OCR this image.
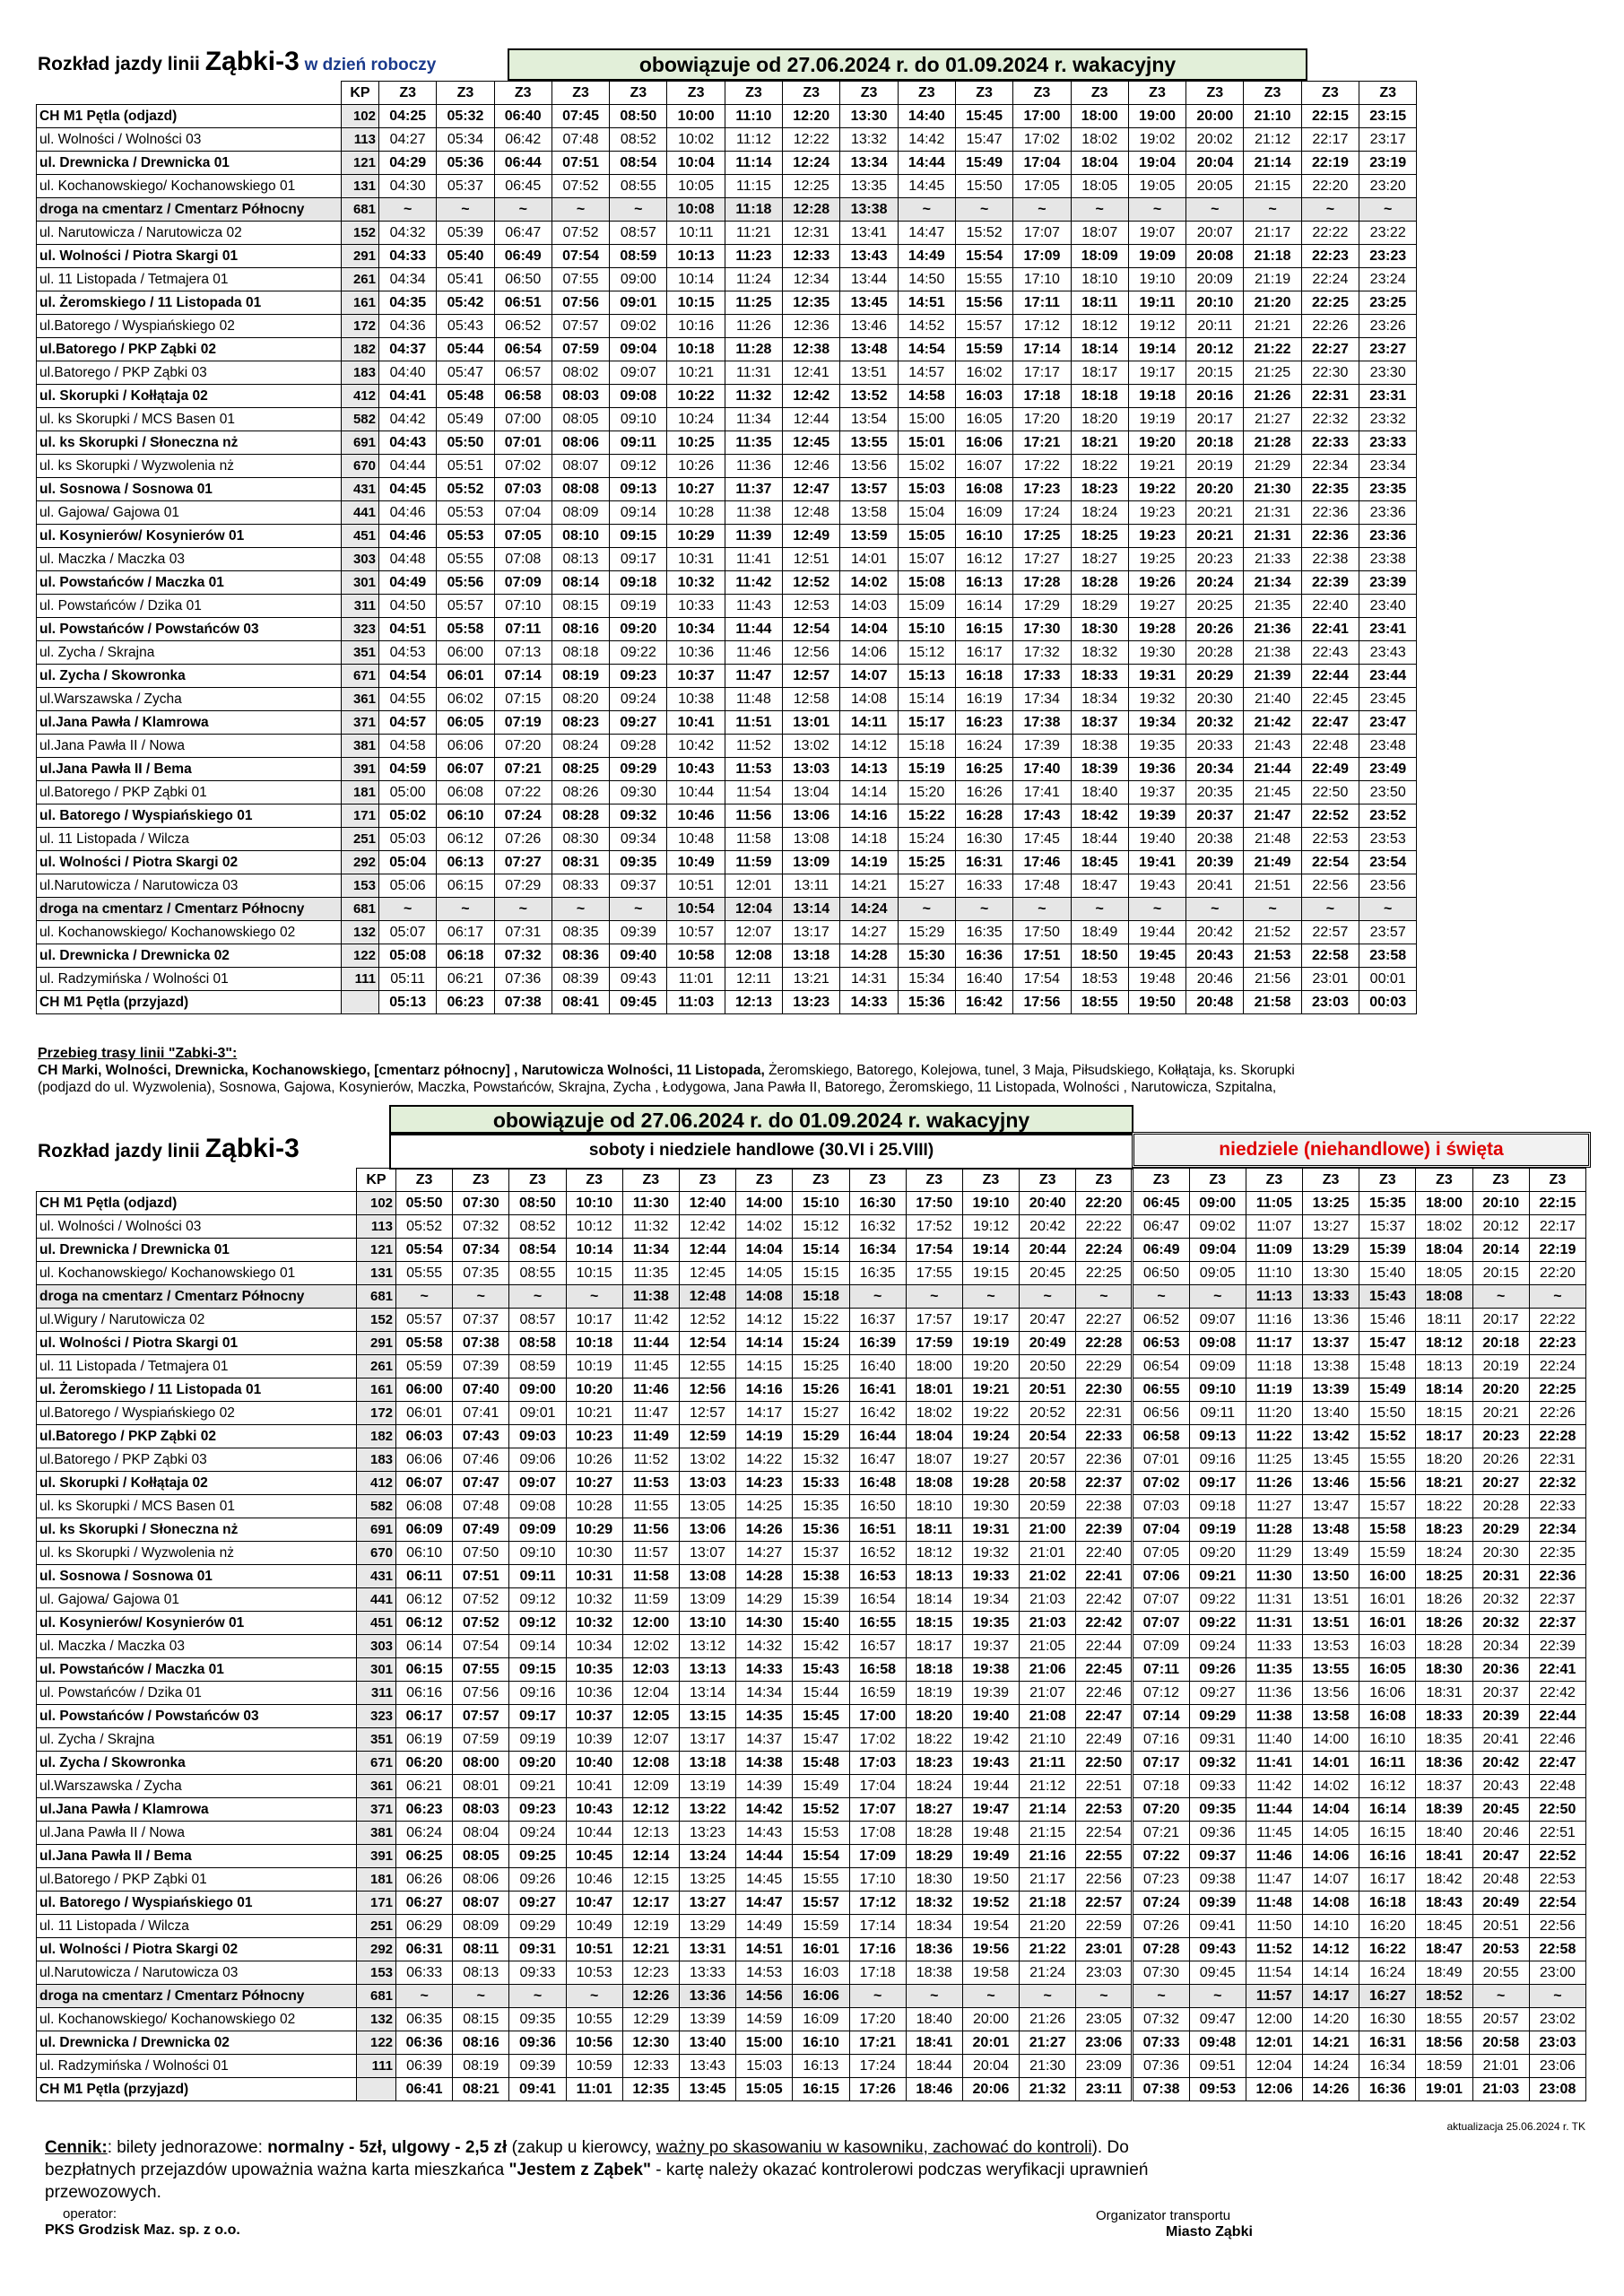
Rozkład jazdy linii Ząbki-3 w dzień roboczy	obowiązuje od 27.06.2024 r. do 01.09.2024 r. wakacyjny
	KP	Z3	Z3	Z3	Z3	Z3	Z3	Z3	Z3	Z3	Z3	Z3	Z3	Z3	Z3	Z3	Z3	Z3	Z3
CH M1 Pętla (odjazd)	102	04:25	05:32	06:40	07:45	08:50	10:00	11:10	12:20	13:30	14:40	15:45	17:00	18:00	19:00	20:00	21:10	22:15	23:15
ul. Wolności / Wolności 03	113	04:27	05:34	06:42	07:48	08:52	10:02	11:12	12:22	13:32	14:42	15:47	17:02	18:02	19:02	20:02	21:12	22:17	23:17
ul. Drewnicka / Drewnicka 01	121	04:29	05:36	06:44	07:51	08:54	10:04	11:14	12:24	13:34	14:44	15:49	17:04	18:04	19:04	20:04	21:14	22:19	23:19
ul. Kochanowskiego/ Kochanowskiego 01	131	04:30	05:37	06:45	07:52	08:55	10:05	11:15	12:25	13:35	14:45	15:50	17:05	18:05	19:05	20:05	21:15	22:20	23:20
droga na cmentarz / Cmentarz Północny	681	~	~	~	~	~	10:08	11:18	12:28	13:38	~	~	~	~	~	~	~	~	~
ul. Narutowicza / Narutowicza 02	152	04:32	05:39	06:47	07:52	08:57	10:11	11:21	12:31	13:41	14:47	15:52	17:07	18:07	19:07	20:07	21:17	22:22	23:22
ul. Wolności / Piotra Skargi 01	291	04:33	05:40	06:49	07:54	08:59	10:13	11:23	12:33	13:43	14:49	15:54	17:09	18:09	19:09	20:08	21:18	22:23	23:23
ul. 11 Listopada / Tetmajera 01	261	04:34	05:41	06:50	07:55	09:00	10:14	11:24	12:34	13:44	14:50	15:55	17:10	18:10	19:10	20:09	21:19	22:24	23:24
ul. Żeromskiego / 11 Listopada 01	161	04:35	05:42	06:51	07:56	09:01	10:15	11:25	12:35	13:45	14:51	15:56	17:11	18:11	19:11	20:10	21:20	22:25	23:25
ul.Batorego / Wyspiańskiego 02	172	04:36	05:43	06:52	07:57	09:02	10:16	11:26	12:36	13:46	14:52	15:57	17:12	18:12	19:12	20:11	21:21	22:26	23:26
ul.Batorego / PKP Ząbki 02	182	04:37	05:44	06:54	07:59	09:04	10:18	11:28	12:38	13:48	14:54	15:59	17:14	18:14	19:14	20:12	21:22	22:27	23:27
ul.Batorego / PKP Ząbki 03	183	04:40	05:47	06:57	08:02	09:07	10:21	11:31	12:41	13:51	14:57	16:02	17:17	18:17	19:17	20:15	21:25	22:30	23:30
ul. Skorupki / Kołłątaja 02	412	04:41	05:48	06:58	08:03	09:08	10:22	11:32	12:42	13:52	14:58	16:03	17:18	18:18	19:18	20:16	21:26	22:31	23:31
ul. ks Skorupki / MCS Basen 01	582	04:42	05:49	07:00	08:05	09:10	10:24	11:34	12:44	13:54	15:00	16:05	17:20	18:20	19:19	20:17	21:27	22:32	23:32
ul. ks Skorupki / Słoneczna nż	691	04:43	05:50	07:01	08:06	09:11	10:25	11:35	12:45	13:55	15:01	16:06	17:21	18:21	19:20	20:18	21:28	22:33	23:33
ul. ks Skorupki / Wyzwolenia nż	670	04:44	05:51	07:02	08:07	09:12	10:26	11:36	12:46	13:56	15:02	16:07	17:22	18:22	19:21	20:19	21:29	22:34	23:34
ul. Sosnowa / Sosnowa 01	431	04:45	05:52	07:03	08:08	09:13	10:27	11:37	12:47	13:57	15:03	16:08	17:23	18:23	19:22	20:20	21:30	22:35	23:35
ul. Gajowa/ Gajowa 01	441	04:46	05:53	07:04	08:09	09:14	10:28	11:38	12:48	13:58	15:04	16:09	17:24	18:24	19:23	20:21	21:31	22:36	23:36
ul. Kosynierów/ Kosynierów 01	451	04:46	05:53	07:05	08:10	09:15	10:29	11:39	12:49	13:59	15:05	16:10	17:25	18:25	19:23	20:21	21:31	22:36	23:36
ul. Maczka / Maczka 03	303	04:48	05:55	07:08	08:13	09:17	10:31	11:41	12:51	14:01	15:07	16:12	17:27	18:27	19:25	20:23	21:33	22:38	23:38
ul. Powstańców / Maczka 01	301	04:49	05:56	07:09	08:14	09:18	10:32	11:42	12:52	14:02	15:08	16:13	17:28	18:28	19:26	20:24	21:34	22:39	23:39
ul. Powstańców / Dzika 01	311	04:50	05:57	07:10	08:15	09:19	10:33	11:43	12:53	14:03	15:09	16:14	17:29	18:29	19:27	20:25	21:35	22:40	23:40
ul. Powstańców / Powstańców 03	323	04:51	05:58	07:11	08:16	09:20	10:34	11:44	12:54	14:04	15:10	16:15	17:30	18:30	19:28	20:26	21:36	22:41	23:41
ul. Zycha / Skrajna	351	04:53	06:00	07:13	08:18	09:22	10:36	11:46	12:56	14:06	15:12	16:17	17:32	18:32	19:30	20:28	21:38	22:43	23:43
ul. Zycha / Skowronka	671	04:54	06:01	07:14	08:19	09:23	10:37	11:47	12:57	14:07	15:13	16:18	17:33	18:33	19:31	20:29	21:39	22:44	23:44
ul.Warszawska / Zycha	361	04:55	06:02	07:15	08:20	09:24	10:38	11:48	12:58	14:08	15:14	16:19	17:34	18:34	19:32	20:30	21:40	22:45	23:45
ul.Jana Pawła / Klamrowa	371	04:57	06:05	07:19	08:23	09:27	10:41	11:51	13:01	14:11	15:17	16:23	17:38	18:37	19:34	20:32	21:42	22:47	23:47
ul.Jana Pawła II / Nowa	381	04:58	06:06	07:20	08:24	09:28	10:42	11:52	13:02	14:12	15:18	16:24	17:39	18:38	19:35	20:33	21:43	22:48	23:48
ul.Jana Pawła II / Bema	391	04:59	06:07	07:21	08:25	09:29	10:43	11:53	13:03	14:13	15:19	16:25	17:40	18:39	19:36	20:34	21:44	22:49	23:49
ul.Batorego / PKP Ząbki 01	181	05:00	06:08	07:22	08:26	09:30	10:44	11:54	13:04	14:14	15:20	16:26	17:41	18:40	19:37	20:35	21:45	22:50	23:50
ul. Batorego / Wyspiańskiego 01	171	05:02	06:10	07:24	08:28	09:32	10:46	11:56	13:06	14:16	15:22	16:28	17:43	18:42	19:39	20:37	21:47	22:52	23:52
ul. 11 Listopada / Wilcza	251	05:03	06:12	07:26	08:30	09:34	10:48	11:58	13:08	14:18	15:24	16:30	17:45	18:44	19:40	20:38	21:48	22:53	23:53
ul. Wolności / Piotra Skargi 02	292	05:04	06:13	07:27	08:31	09:35	10:49	11:59	13:09	14:19	15:25	16:31	17:46	18:45	19:41	20:39	21:49	22:54	23:54
ul.Narutowicza / Narutowicza 03	153	05:06	06:15	07:29	08:33	09:37	10:51	12:01	13:11	14:21	15:27	16:33	17:48	18:47	19:43	20:41	21:51	22:56	23:56
droga na cmentarz / Cmentarz Północny	681	~	~	~	~	~	10:54	12:04	13:14	14:24	~	~	~	~	~	~	~	~	~
ul. Kochanowskiego/ Kochanowskiego 02	132	05:07	06:17	07:31	08:35	09:39	10:57	12:07	13:17	14:27	15:29	16:35	17:50	18:49	19:44	20:42	21:52	22:57	23:57
ul. Drewnicka / Drewnicka 02	122	05:08	06:18	07:32	08:36	09:40	10:58	12:08	13:18	14:28	15:30	16:36	17:51	18:50	19:45	20:43	21:53	22:58	23:58
ul. Radzymińska / Wolności 01	111	05:11	06:21	07:36	08:39	09:43	11:01	12:11	13:21	14:31	15:34	16:40	17:54	18:53	19:48	20:46	21:56	23:01	00:01
CH M1 Pętla (przyjazd)		05:13	06:23	07:38	08:41	09:45	11:03	12:13	13:23	14:33	15:36	16:42	17:56	18:55	19:50	20:48	21:58	23:03	00:03
Przebieg trasy linii "Zabki-3":
CH Marki, Wolności, Drewnicka, Kochanowskiego, [cmentarz północny] , Narutowicza Wolności, 11 Listopada, Żeromskiego, Batorego, Kolejowa, tunel, 3 Maja, Piłsudskiego, Kołłątaja, ks. Skorupki
(podjazd do ul. Wyzwolenia), Sosnowa, Gajowa, Kosynierów, Maczka, Powstańców, Skrajna, Zycha , Łodygowa, Jana Pawła II, Batorego, Żeromskiego, 11 Listopada, Wolności , Narutowicza, Szpitalna,
obowiązuje od 27.06.2024 r. do 01.09.2024 r. wakacyjny
Rozkład jazdy linii Ząbki-3	soboty i niedziele handlowe (30.VI i 25.VIII)	niedziele (niehandlowe) i święta
	KP	Z3	Z3	Z3	Z3	Z3	Z3	Z3	Z3	Z3	Z3	Z3	Z3	Z3	Z3	Z3	Z3	Z3	Z3	Z3	Z3	Z3
CH M1 Pętla (odjazd)	102	05:50	07:30	08:50	10:10	11:30	12:40	14:00	15:10	16:30	17:50	19:10	20:40	22:20	06:45	09:00	11:05	13:25	15:35	18:00	20:10	22:15
ul. Wolności / Wolności 03	113	05:52	07:32	08:52	10:12	11:32	12:42	14:02	15:12	16:32	17:52	19:12	20:42	22:22	06:47	09:02	11:07	13:27	15:37	18:02	20:12	22:17
ul. Drewnicka / Drewnicka 01	121	05:54	07:34	08:54	10:14	11:34	12:44	14:04	15:14	16:34	17:54	19:14	20:44	22:24	06:49	09:04	11:09	13:29	15:39	18:04	20:14	22:19
ul. Kochanowskiego/ Kochanowskiego 01	131	05:55	07:35	08:55	10:15	11:35	12:45	14:05	15:15	16:35	17:55	19:15	20:45	22:25	06:50	09:05	11:10	13:30	15:40	18:05	20:15	22:20
droga na cmentarz / Cmentarz Północny	681	~	~	~	~	11:38	12:48	14:08	15:18	~	~	~	~	~	~	~	11:13	13:33	15:43	18:08	~	~
ul.Wigury / Narutowicza 02	152	05:57	07:37	08:57	10:17	11:42	12:52	14:12	15:22	16:37	17:57	19:17	20:47	22:27	06:52	09:07	11:16	13:36	15:46	18:11	20:17	22:22
ul. Wolności / Piotra Skargi 01	291	05:58	07:38	08:58	10:18	11:44	12:54	14:14	15:24	16:39	17:59	19:19	20:49	22:28	06:53	09:08	11:17	13:37	15:47	18:12	20:18	22:23
ul. 11 Listopada / Tetmajera 01	261	05:59	07:39	08:59	10:19	11:45	12:55	14:15	15:25	16:40	18:00	19:20	20:50	22:29	06:54	09:09	11:18	13:38	15:48	18:13	20:19	22:24
ul. Żeromskiego / 11 Listopada 01	161	06:00	07:40	09:00	10:20	11:46	12:56	14:16	15:26	16:41	18:01	19:21	20:51	22:30	06:55	09:10	11:19	13:39	15:49	18:14	20:20	22:25
ul.Batorego / Wyspiańskiego 02	172	06:01	07:41	09:01	10:21	11:47	12:57	14:17	15:27	16:42	18:02	19:22	20:52	22:31	06:56	09:11	11:20	13:40	15:50	18:15	20:21	22:26
ul.Batorego / PKP Ząbki 02	182	06:03	07:43	09:03	10:23	11:49	12:59	14:19	15:29	16:44	18:04	19:24	20:54	22:33	06:58	09:13	11:22	13:42	15:52	18:17	20:23	22:28
ul.Batorego / PKP Ząbki 03	183	06:06	07:46	09:06	10:26	11:52	13:02	14:22	15:32	16:47	18:07	19:27	20:57	22:36	07:01	09:16	11:25	13:45	15:55	18:20	20:26	22:31
ul. Skorupki / Kołłątaja 02	412	06:07	07:47	09:07	10:27	11:53	13:03	14:23	15:33	16:48	18:08	19:28	20:58	22:37	07:02	09:17	11:26	13:46	15:56	18:21	20:27	22:32
ul. ks Skorupki / MCS Basen 01	582	06:08	07:48	09:08	10:28	11:55	13:05	14:25	15:35	16:50	18:10	19:30	20:59	22:38	07:03	09:18	11:27	13:47	15:57	18:22	20:28	22:33
ul. ks Skorupki / Słoneczna nż	691	06:09	07:49	09:09	10:29	11:56	13:06	14:26	15:36	16:51	18:11	19:31	21:00	22:39	07:04	09:19	11:28	13:48	15:58	18:23	20:29	22:34
ul. ks Skorupki / Wyzwolenia nż	670	06:10	07:50	09:10	10:30	11:57	13:07	14:27	15:37	16:52	18:12	19:32	21:01	22:40	07:05	09:20	11:29	13:49	15:59	18:24	20:30	22:35
ul. Sosnowa / Sosnowa 01	431	06:11	07:51	09:11	10:31	11:58	13:08	14:28	15:38	16:53	18:13	19:33	21:02	22:41	07:06	09:21	11:30	13:50	16:00	18:25	20:31	22:36
ul. Gajowa/ Gajowa 01	441	06:12	07:52	09:12	10:32	11:59	13:09	14:29	15:39	16:54	18:14	19:34	21:03	22:42	07:07	09:22	11:31	13:51	16:01	18:26	20:32	22:37
ul. Kosynierów/ Kosynierów 01	451	06:12	07:52	09:12	10:32	12:00	13:10	14:30	15:40	16:55	18:15	19:35	21:03	22:42	07:07	09:22	11:31	13:51	16:01	18:26	20:32	22:37
ul. Maczka / Maczka 03	303	06:14	07:54	09:14	10:34	12:02	13:12	14:32	15:42	16:57	18:17	19:37	21:05	22:44	07:09	09:24	11:33	13:53	16:03	18:28	20:34	22:39
ul. Powstańców / Maczka 01	301	06:15	07:55	09:15	10:35	12:03	13:13	14:33	15:43	16:58	18:18	19:38	21:06	22:45	07:11	09:26	11:35	13:55	16:05	18:30	20:36	22:41
ul. Powstańców / Dzika 01	311	06:16	07:56	09:16	10:36	12:04	13:14	14:34	15:44	16:59	18:19	19:39	21:07	22:46	07:12	09:27	11:36	13:56	16:06	18:31	20:37	22:42
ul. Powstańców / Powstańców 03	323	06:17	07:57	09:17	10:37	12:05	13:15	14:35	15:45	17:00	18:20	19:40	21:08	22:47	07:14	09:29	11:38	13:58	16:08	18:33	20:39	22:44
ul. Zycha / Skrajna	351	06:19	07:59	09:19	10:39	12:07	13:17	14:37	15:47	17:02	18:22	19:42	21:10	22:49	07:16	09:31	11:40	14:00	16:10	18:35	20:41	22:46
ul. Zycha / Skowronka	671	06:20	08:00	09:20	10:40	12:08	13:18	14:38	15:48	17:03	18:23	19:43	21:11	22:50	07:17	09:32	11:41	14:01	16:11	18:36	20:42	22:47
ul.Warszawska / Zycha	361	06:21	08:01	09:21	10:41	12:09	13:19	14:39	15:49	17:04	18:24	19:44	21:12	22:51	07:18	09:33	11:42	14:02	16:12	18:37	20:43	22:48
ul.Jana Pawła / Klamrowa	371	06:23	08:03	09:23	10:43	12:12	13:22	14:42	15:52	17:07	18:27	19:47	21:14	22:53	07:20	09:35	11:44	14:04	16:14	18:39	20:45	22:50
ul.Jana Pawła II / Nowa	381	06:24	08:04	09:24	10:44	12:13	13:23	14:43	15:53	17:08	18:28	19:48	21:15	22:54	07:21	09:36	11:45	14:05	16:15	18:40	20:46	22:51
ul.Jana Pawła II / Bema	391	06:25	08:05	09:25	10:45	12:14	13:24	14:44	15:54	17:09	18:29	19:49	21:16	22:55	07:22	09:37	11:46	14:06	16:16	18:41	20:47	22:52
ul.Batorego / PKP Ząbki 01	181	06:26	08:06	09:26	10:46	12:15	13:25	14:45	15:55	17:10	18:30	19:50	21:17	22:56	07:23	09:38	11:47	14:07	16:17	18:42	20:48	22:53
ul. Batorego / Wyspiańskiego 01	171	06:27	08:07	09:27	10:47	12:17	13:27	14:47	15:57	17:12	18:32	19:52	21:18	22:57	07:24	09:39	11:48	14:08	16:18	18:43	20:49	22:54
ul. 11 Listopada / Wilcza	251	06:29	08:09	09:29	10:49	12:19	13:29	14:49	15:59	17:14	18:34	19:54	21:20	22:59	07:26	09:41	11:50	14:10	16:20	18:45	20:51	22:56
ul. Wolności / Piotra Skargi 02	292	06:31	08:11	09:31	10:51	12:21	13:31	14:51	16:01	17:16	18:36	19:56	21:22	23:01	07:28	09:43	11:52	14:12	16:22	18:47	20:53	22:58
ul.Narutowicza / Narutowicza 03	153	06:33	08:13	09:33	10:53	12:23	13:33	14:53	16:03	17:18	18:38	19:58	21:24	23:03	07:30	09:45	11:54	14:14	16:24	18:49	20:55	23:00
droga na cmentarz / Cmentarz Północny	681	~	~	~	~	12:26	13:36	14:56	16:06	~	~	~	~	~	~	~	11:57	14:17	16:27	18:52	~	~
ul. Kochanowskiego/ Kochanowskiego 02	132	06:35	08:15	09:35	10:55	12:29	13:39	14:59	16:09	17:20	18:40	20:00	21:26	23:05	07:32	09:47	12:00	14:20	16:30	18:55	20:57	23:02
ul. Drewnicka / Drewnicka 02	122	06:36	08:16	09:36	10:56	12:30	13:40	15:00	16:10	17:21	18:41	20:01	21:27	23:06	07:33	09:48	12:01	14:21	16:31	18:56	20:58	23:03
ul. Radzymińska / Wolności 01	111	06:39	08:19	09:39	10:59	12:33	13:43	15:03	16:13	17:24	18:44	20:04	21:30	23:09	07:36	09:51	12:04	14:24	16:34	18:59	21:01	23:06
CH M1 Pętla (przyjazd)		06:41	08:21	09:41	11:01	12:35	13:45	15:05	16:15	17:26	18:46	20:06	21:32	23:11	07:38	09:53	12:06	14:26	16:36	19:01	21:03	23:08
aktualizacja 25.06.2024 r. TK
Cennik:: bilety jednorazowe: normalny - 5zł, ulgowy - 2,5 zł (zakup u kierowcy, ważny po skasowaniu w kasowniku, zachować do kontroli). Do
bezpłatnych przejazdów upoważnia ważna karta mieszkańca "Jestem z Ząbek" - kartę należy okazać kontrolerowi podczas weryfikacji uprawnień
przewozowych.
operator:
PKS Grodzisk Maz. sp. z o.o.
Organizator transportu
Miasto Ząbki
